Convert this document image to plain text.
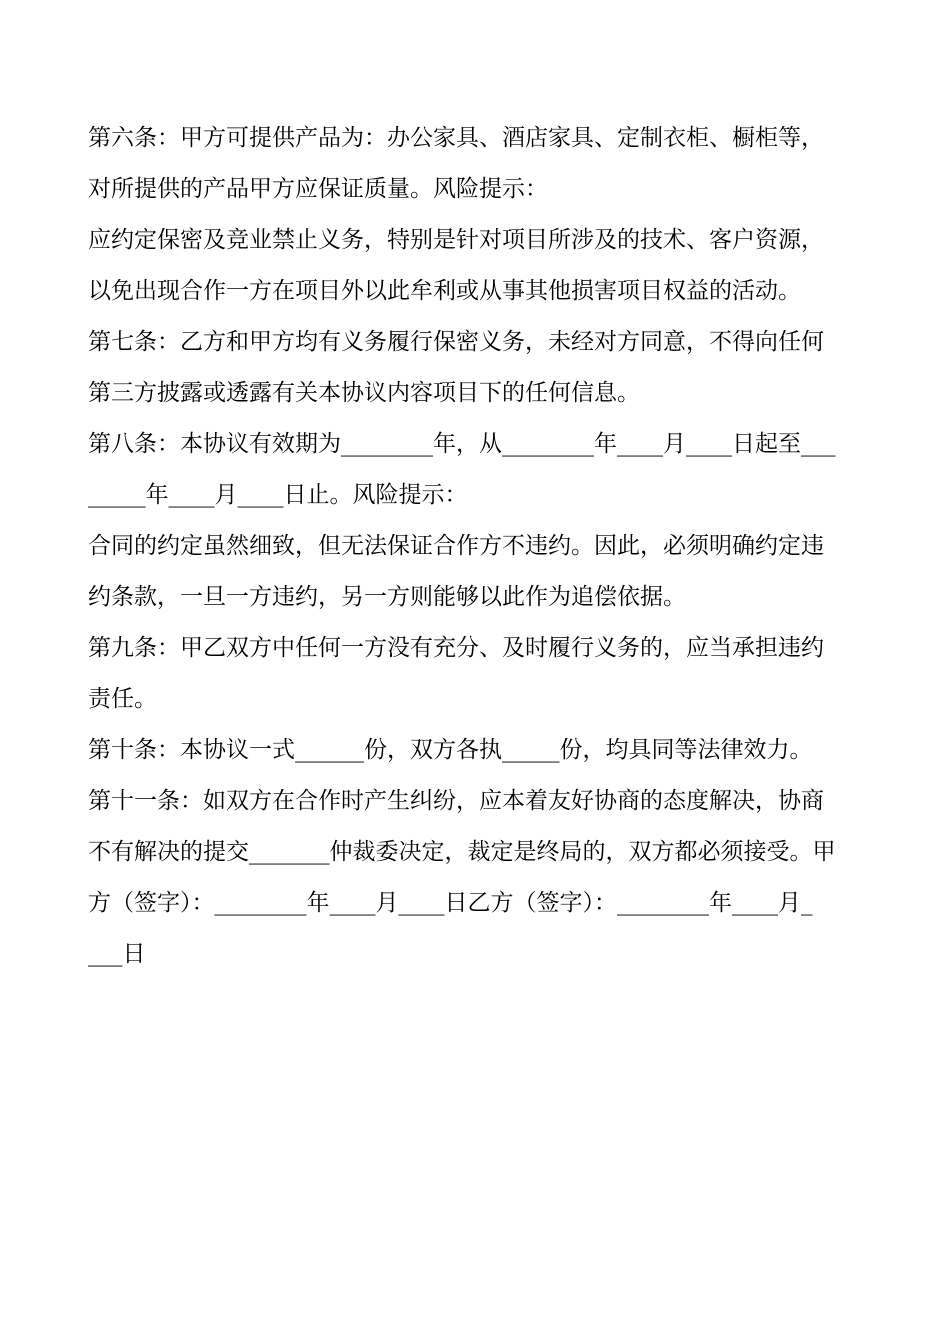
第六条：甲方可提供产品为：办公家具、酒店家具、定制衣柜、橱柜等，
对所提供的产品甲方应保证质量。风险提示：
应约定保密及竞业禁止义务，特别是针对项目所涉及的技术、客户资源，
以免出现合作一方在项目外以此牟利或从事其他损害项目权益的活动。
第七条：乙方和甲方均有义务履行保密义务，未经对方同意，不得向任何
第三方披露或透露有关本协议内容项目下的任何信息。
第八条：本协议有效期为________年，从________年____月____日起至___
_____年____月____日止。风险提示：
合同的约定虽然细致，但无法保证合作方不违约。因此，必须明确约定违
约条款，一旦一方违约，另一方则能够以此作为追偿依据。
第九条：甲乙双方中任何一方没有充分、及时履行义务的，应当承担违约
责任。
第十条：本协议一式______份，双方各执_____份，均具同等法律效力。
第十一条：如双方在合作时产生纠纷，应本着友好协商的态度解决，协商
不有解决的提交_______仲裁委决定，裁定是终局的，双方都必须接受。甲
方（签字）：________年____月____日乙方（签字）：________年____月_
___日
